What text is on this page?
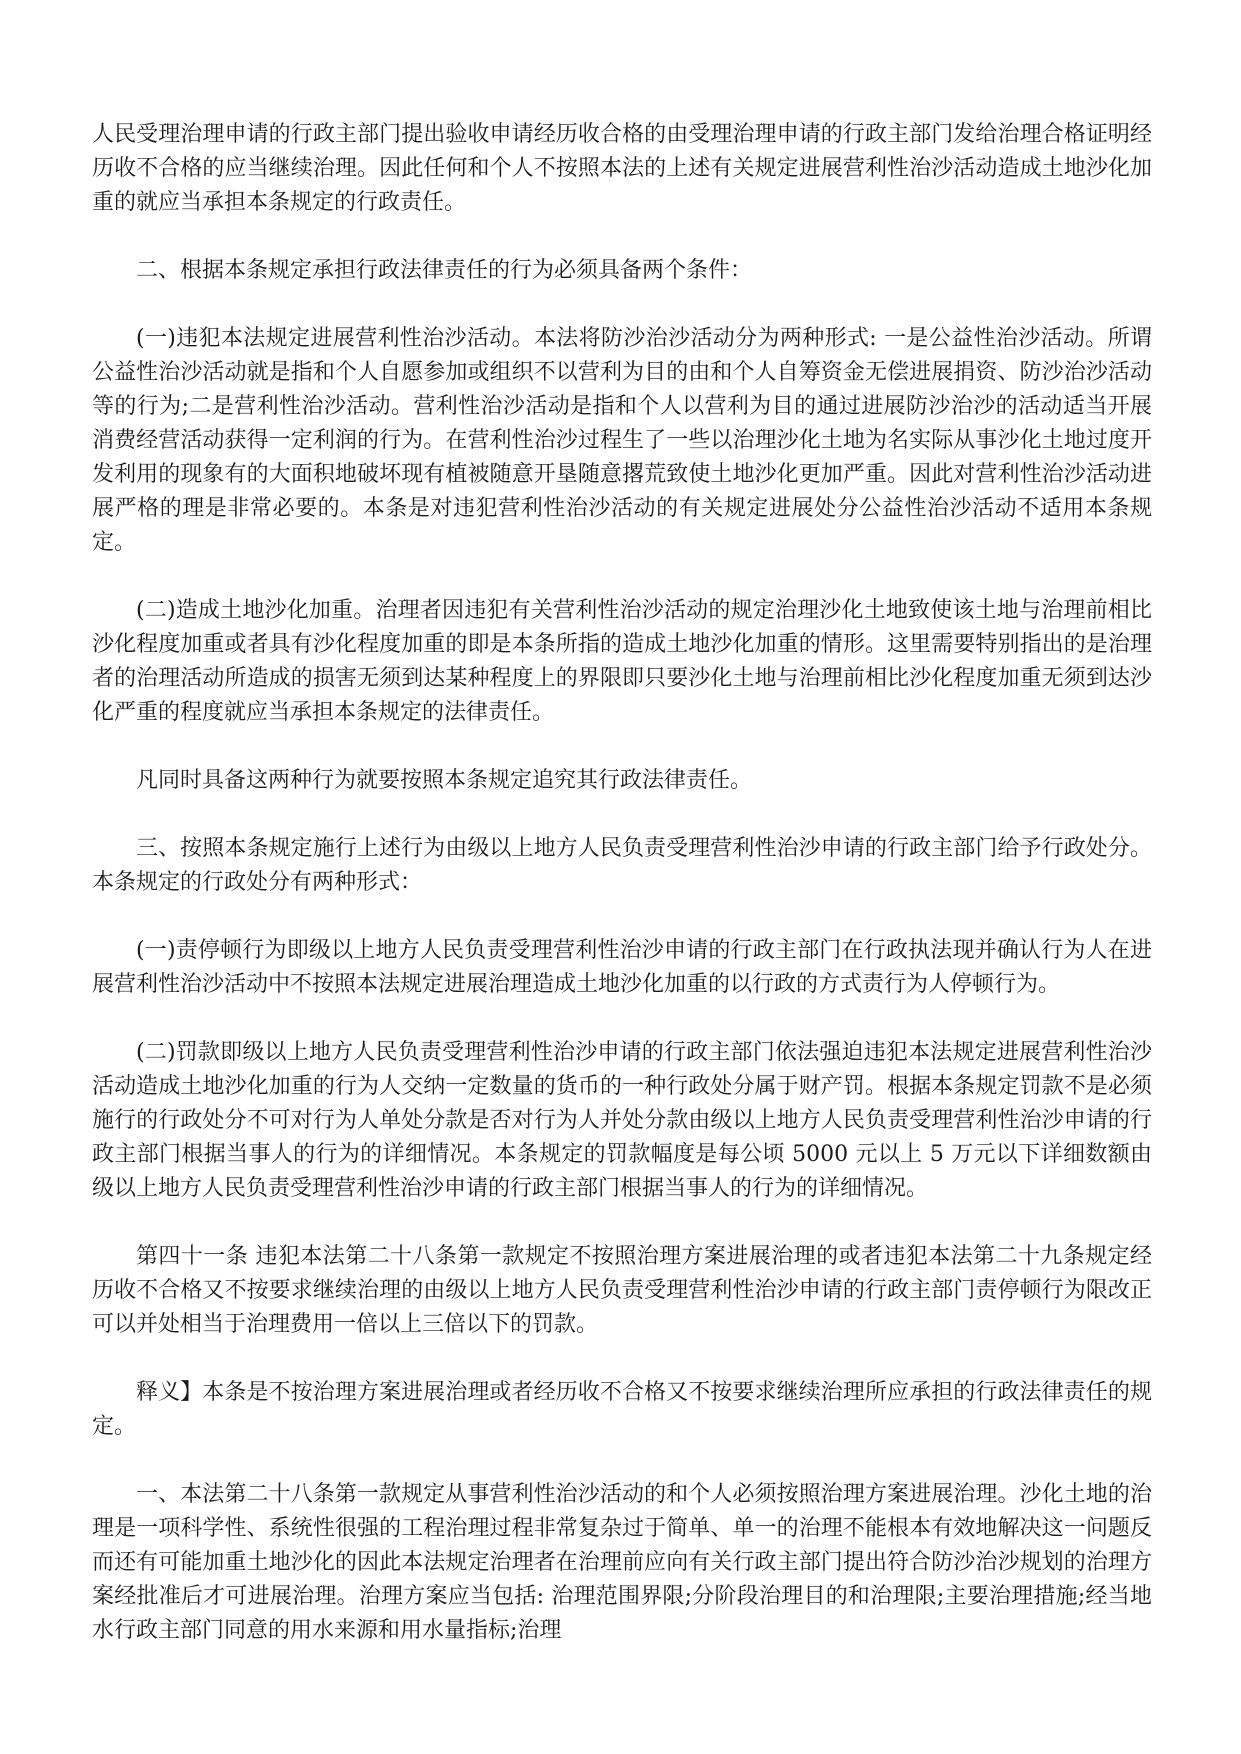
人民受理治理申请的行政主部门提出验收申请经历收合格的由受理治理申请的行政主部门发给治理合格证明经历收不合格的应当继续治理。因此任何和个人不按照本法的上述有关规定进展营利性治沙活动造成土地沙化加重的就应当承担本条规定的行政责任。

二、根据本条规定承担行政法律责任的行为必须具备两个条件：

(一)违犯本法规定进展营利性治沙活动。本法将防沙治沙活动分为两种形式: 一是公益性治沙活动。所谓公益性治沙活动就是指和个人自愿参加或组织不以营利为目的由和个人自筹资金无偿进展捐资、防沙治沙活动等的行为;二是营利性治沙活动。营利性治沙活动是指和个人以营利为目的通过进展防沙治沙的活动适当开展消费经营活动获得一定利润的行为。在营利性治沙过程生了一些以治理沙化土地为名实际从事沙化土地过度开发利用的现象有的大面积地破坏现有植被随意开垦随意撂荒致使土地沙化更加严重。因此对营利性治沙活动进展严格的理是非常必要的。本条是对违犯营利性治沙活动的有关规定进展处分公益性治沙活动不适用本条规定。

(二)造成土地沙化加重。治理者因违犯有关营利性治沙活动的规定治理沙化土地致使该土地与治理前相比沙化程度加重或者具有沙化程度加重的即是本条所指的造成土地沙化加重的情形。这里需要特别指出的是治理者的治理活动所造成的损害无须到达某种程度上的界限即只要沙化土地与治理前相比沙化程度加重无须到达沙化严重的程度就应当承担本条规定的法律责任。

凡同时具备这两种行为就要按照本条规定追究其行政法律责任。

三、按照本条规定施行上述行为由级以上地方人民负责受理营利性治沙申请的行政主部门给予行政处分。本条规定的行政处分有两种形式：

(一)责停顿行为即级以上地方人民负责受理营利性治沙申请的行政主部门在行政执法现并确认行为人在进展营利性治沙活动中不按照本法规定进展治理造成土地沙化加重的以行政的方式责行为人停顿行为。

(二)罚款即级以上地方人民负责受理营利性治沙申请的行政主部门依法强迫违犯本法规定进展营利性治沙活动造成土地沙化加重的行为人交纳一定数量的货币的一种行政处分属于财产罚。根据本条规定罚款不是必须施行的行政处分不可对行为人单处分款是否对行为人并处分款由级以上地方人民负责受理营利性治沙申请的行政主部门根据当事人的行为的详细情况。本条规定的罚款幅度是每公顷 5000 元以上 5 万元以下详细数额由级以上地方人民负责受理营利性治沙申请的行政主部门根据当事人的行为的详细情况。

第四十一条 违犯本法第二十八条第一款规定不按照治理方案进展治理的或者违犯本法第二十九条规定经历收不合格又不按要求继续治理的由级以上地方人民负责受理营利性治沙申请的行政主部门责停顿行为限改正可以并处相当于治理费用一倍以上三倍以下的罚款。

释义】本条是不按治理方案进展治理或者经历收不合格又不按要求继续治理所应承担的行政法律责任的规定。

一、本法第二十八条第一款规定从事营利性治沙活动的和个人必须按照治理方案进展治理。沙化土地的治理是一项科学性、系统性很强的工程治理过程非常复杂过于简单、单一的治理不能根本有效地解决这一问题反而还有可能加重土地沙化的因此本法规定治理者在治理前应向有关行政主部门提出符合防沙治沙规划的治理方案经批准后才可进展治理。治理方案应当包括: 治理范围界限;分阶段治理目的和治理限;主要治理措施;经当地水行政主部门同意的用水来源和用水量指标;治理
